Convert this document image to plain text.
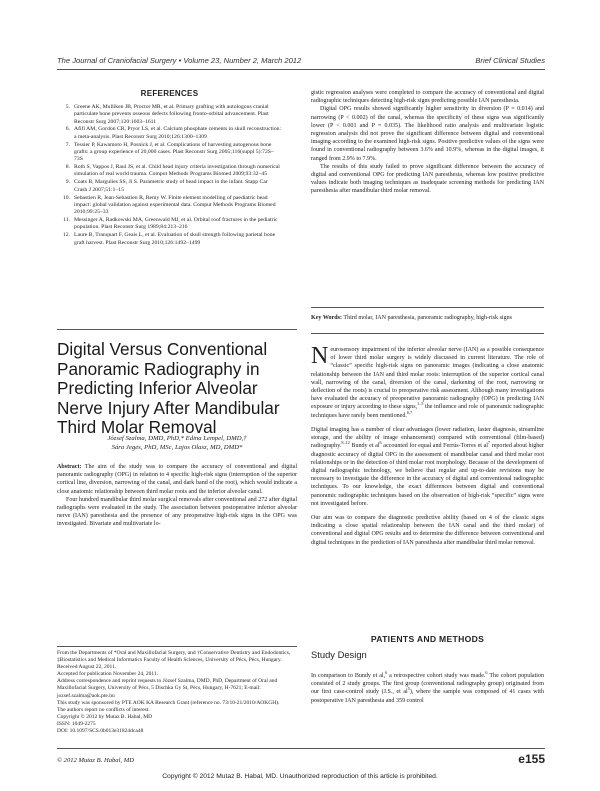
The Journal of Craniofacial Surgery • Volume 23, Number 2, March 2012	Brief Clinical Studies
REFERENCES
5. Greene AK, Mulliken JB, Proctor MR, et al. Primary grafting with autologous cranial particulate bone prevents osseous defects following fronto-orbital advancement. Plast Reconstr Surg 2007;120:1603–1611
6. Afifi AM, Gordon CR, Pryor LS, et al. Calcium phosphate cements in skull reconstruction: a meta-analysis. Plast Reconstr Surg 2010;126:1300–1309
7. Tessier P, Kawamoto H, Posnick J, et al. Complications of harvesting autogenous bone grafts: a group experience of 20,000 cases. Plast Reconstr Surg 2005;116(suppl 5):72S–73S
8. Roth S, Vappos J, Raul JS, et al. Child head injury criteria investigation through numerical simulation of real world trauma. Comput Methods Programs Biomed 2009;93:32–45
9. Coats B, Margulies SS, Ji S. Parametric study of head impact in the infant. Stapp Car Crash J 2007;51:1–15
10. Sebastien R, Jean-Sebastien R, Remy W. Finite element modelling of paediatric head impact: global validation against experimental data. Comput Methods Programs Biomed 2010;99:25–33
11. Messinger A, Radkowski MA, Greenwald MJ, et al. Orbital roof fractures in the pediatric population. Plast Reconstr Surg 1989;84:213–216
12. Laure B, Tranquart F, Geais L, et al. Evaluation of skull strength following parietal bone graft harvest. Plast Reconstr Surg 2010;126:1492–1499
Digital Versus Conventional Panoramic Radiography in Predicting Inferior Alveolar Nerve Injury After Mandibular Third Molar Removal
József Szalma, DMD, PhD,* Edina Lempel, DMD,†
Sára Jeges, PhD, MSc, Lajos Olasz, MD, DMD*

Abstract: The aim of the study was to compare the accuracy of conventional and digital panoramic radiography (OPG) in relation to 4 specific high-risk signs (interruption of the superior cortical line, diversion, narrowing of the canal, and dark band of the root), which would indicate a close anatomic relationship between third molar roots and the inferior alveolar canal.

Four hundred mandibular third molar surgical removals after conventional and 272 after digital radiographs were evaluated in the study. The association between postoperative inferior alveolar nerve (IAN) paresthesia and the presence of any preoperative high-risk signs in the OPG was investigated. Bivariate and multivariate lo-

From the Departments of *Oral and Maxillofacial Surgery, and †Conservative Dentistry and Endodontics, ‡Biostatistics and Medical Informatics Faculty of Health Sciences, University of Pécs, Pécs, Hungary.
Received August 22, 2011.
Accepted for publication November 24, 2011.
Address correspondence and reprint requests to József Szalma, DMD, PhD, Department of Oral and Maxillofacial Surgery, University of Pécs, 5 Dischka Gy St, Pécs, Hungary, H-7621; E-mail: jozsef.szalma@aok.pte.hu
This study was sponsored by PTE AOK KA Research Grant (reference no. 73/10-21/2010/AOKGH).
The authors report no conflicts of interest.
Copyright © 2012 by Mutaz B. Habal, MD
ISSN: 1049-2275
DOI: 10.1097/SCS.0b013e31824dca48

gistic regression analyses were completed to compare the accuracy of conventional and digital radiographic techniques detecting high-risk signs predicting possible IAN paresthesia.

Digital OPG results showed significantly higher sensitivity in diversion (P = 0.014) and narrowing (P < 0.002) of the canal, whereas the specificity of these signs was significantly lower (P < 0.001 and P = 0.035). The likelihood ratio analysis and multivariate logistic regression analysis did not prove the significant difference between digital and conventional imaging according to the examined high-risk signs. Positive predictive values of the signs were found in conventional radiography between 3.6% and 10.9%, whereas in the digital images, it ranged from 2.9% to 7.9%.

The results of this study failed to prove significant difference between the accuracy of digital and conventional OPG for predicting IAN paresthesia, whereas low positive predictive values indicate both imaging techniques as inadequate screening methods for predicting IAN paresthesia after mandibular third molar removal.

Key Words: Third molar, IAN paresthesia, panoramic radiography, high-risk signs

Neurosensory impairment of the inferior alveolar nerve (IAN) as a possible consequence of lower third molar surgery is widely discussed in current literature. The role of “classic” specific high-risk signs on panoramic images (indicating a close anatomic relationship between the IAN and third molar roots: interruption of the superior cortical canal wall, narrowing of the canal, diversion of the canal, darkening of the root, narrowing or deflection of the roots) is crucial to preoperative risk assessment. Although many investigations have evaluated the accuracy of preoperative panoramic radiography (OPG) in predicting IAN exposure or injury according to these signs,$^{1-5}$ the influence and role of panoramic radiographic techniques have rarely been mentioned.$^{6,7}$

Digital imaging has a number of clear advantages (lower radiation, faster diagnosis, streamline storage, and the ability of image enhancement) compared with conventional (film-based) radiography.$^{8-12}$ Bundy et $al^6$ accounted for equal and Ferrús-Torres et $al^7$ reported about higher diagnostic accuracy of digital OPG in the assessment of mandibular canal and third molar root relationships or in the detection of third molar root morphology. Because of the development of digital radiographic technology, we believe that regular and up-to-date revisions may be necessary to investigate the difference in the accuracy of digital and conventional radiographic techniques. To our knowledge, the exact differences between digital and conventional panoramic radiographic techniques based on the observation of high-risk “specific” signs were not investigated before.

Our aim was to compare the diagnostic predictive ability (based on 4 of the classic signs indicating a close spatial relationship between the IAN canal and the third molar) of conventional and digital OPG results and to determine the difference between conventional and digital techniques in the prediction of IAN paresthesia after mandibular third molar removal.

PATIENTS AND METHODS
Study Design

In comparison to Bundy et al,$^6$ a retrospective cohort study was made.$^6$ The cohort population consisted of 2 study groups. The first group (conventional radiography group) originated from our first case-control study (J.S., et $al^5$), where the sample was composed of 41 cases with postoperative IAN paresthesia and 359 control

© 2012 Mutaz B. Habal, MD	e155
Copyright © 2012 Mutaz B. Habal, MD. Unauthorized reproduction of this article is prohibited.
